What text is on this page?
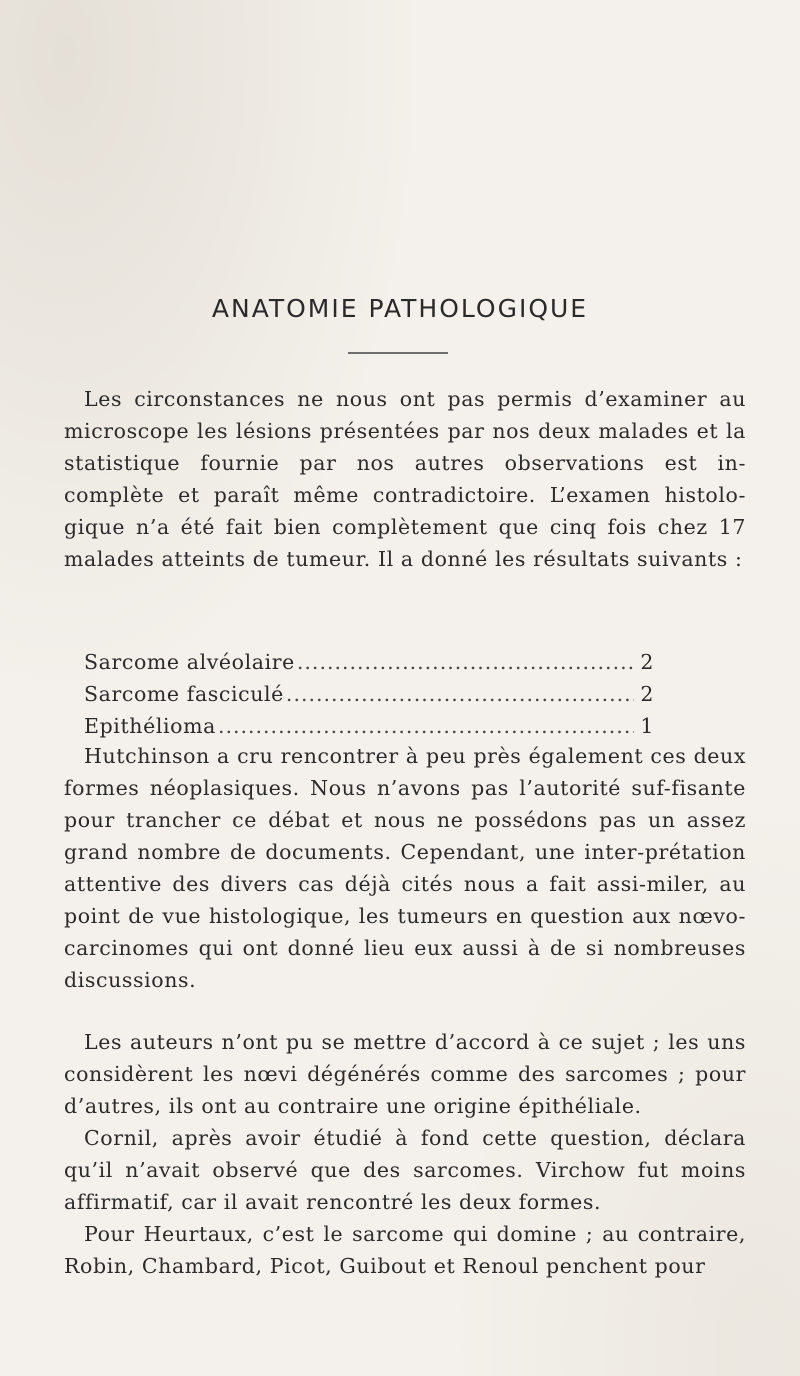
ANATOMIE PATHOLOGIQUE

Les circonstances ne nous ont pas permis d’examiner au microscope les lésions présentées par nos deux malades et la statistique fournie par nos autres observations est in-complète et paraît même contradictoire. L’examen histolo-gique n’a été fait bien complètement que cinq fois chez 17 malades atteints de tumeur. Il a donné les résultats suivants :

Sarcome alvéolaire .....	2
Sarcome fasciculé .....	2
Epithélioma .....	1

Hutchinson a cru rencontrer à peu près également ces deux formes néoplasiques. Nous n’avons pas l’autorité suf-fisante pour trancher ce débat et nous ne possédons pas un assez grand nombre de documents. Cependant, une inter-prétation attentive des divers cas déjà cités nous a fait assi-miler, au point de vue histologique, les tumeurs en question aux nœvo-carcinomes qui ont donné lieu eux aussi à de si nombreuses discussions.

Les auteurs n’ont pu se mettre d’accord à ce sujet ; les uns considèrent les nœvi dégénérés comme des sarcomes ; pour d’autres, ils ont au contraire une origine épithéliale.

Cornil, après avoir étudié à fond cette question, déclara qu’il n’avait observé que des sarcomes. Virchow fut moins affirmatif, car il avait rencontré les deux formes.

Pour Heurtaux, c’est le sarcome qui domine ; au contraire, Robin, Chambard, Picot, Guibout et Renoul penchent pour
